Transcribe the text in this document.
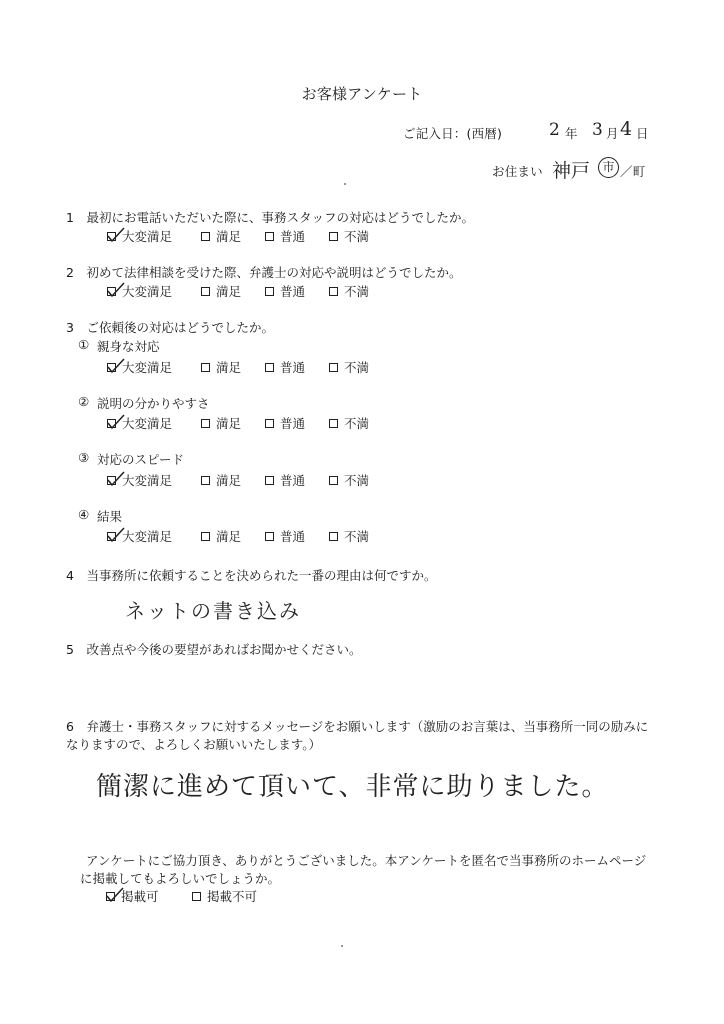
お客様アンケート
ご記入日：(西暦)	2 年 3 月 4 日
お住まい 神戸	市 ／町
1　最初にお電話いただいた際に、事務スタッフの対応はどうでしたか。
大変満足	満足	普通	不満
2　初めて法律相談を受けた際、弁護士の対応や説明はどうでしたか。
大変満足	満足	普通	不満
3　ご依頼後の対応はどうでしたか。
① 親身な対応
大変満足	満足	普通	不満
② 説明の分かりやすさ
大変満足	満足	普通	不満
③ 対応のスピード
大変満足	満足	普通	不満
④ 結果
大変満足	満足	普通	不満
4　当事務所に依頼することを決められた一番の理由は何ですか。
ネットの書き込み
5　改善点や今後の要望があればお聞かせください。
6　弁護士・事務スタッフに対するメッセージをお願いします（激励のお言葉は、当事務所一同の励みになりますので、よろしくお願いいたします。）
簡潔に進めて頂いて、非常に助りました。
アンケートにご協力頂き、ありがとうございました。本アンケートを匿名で当事務所のホームページに掲載してもよろしいでしょうか。
掲載可	掲載不可
